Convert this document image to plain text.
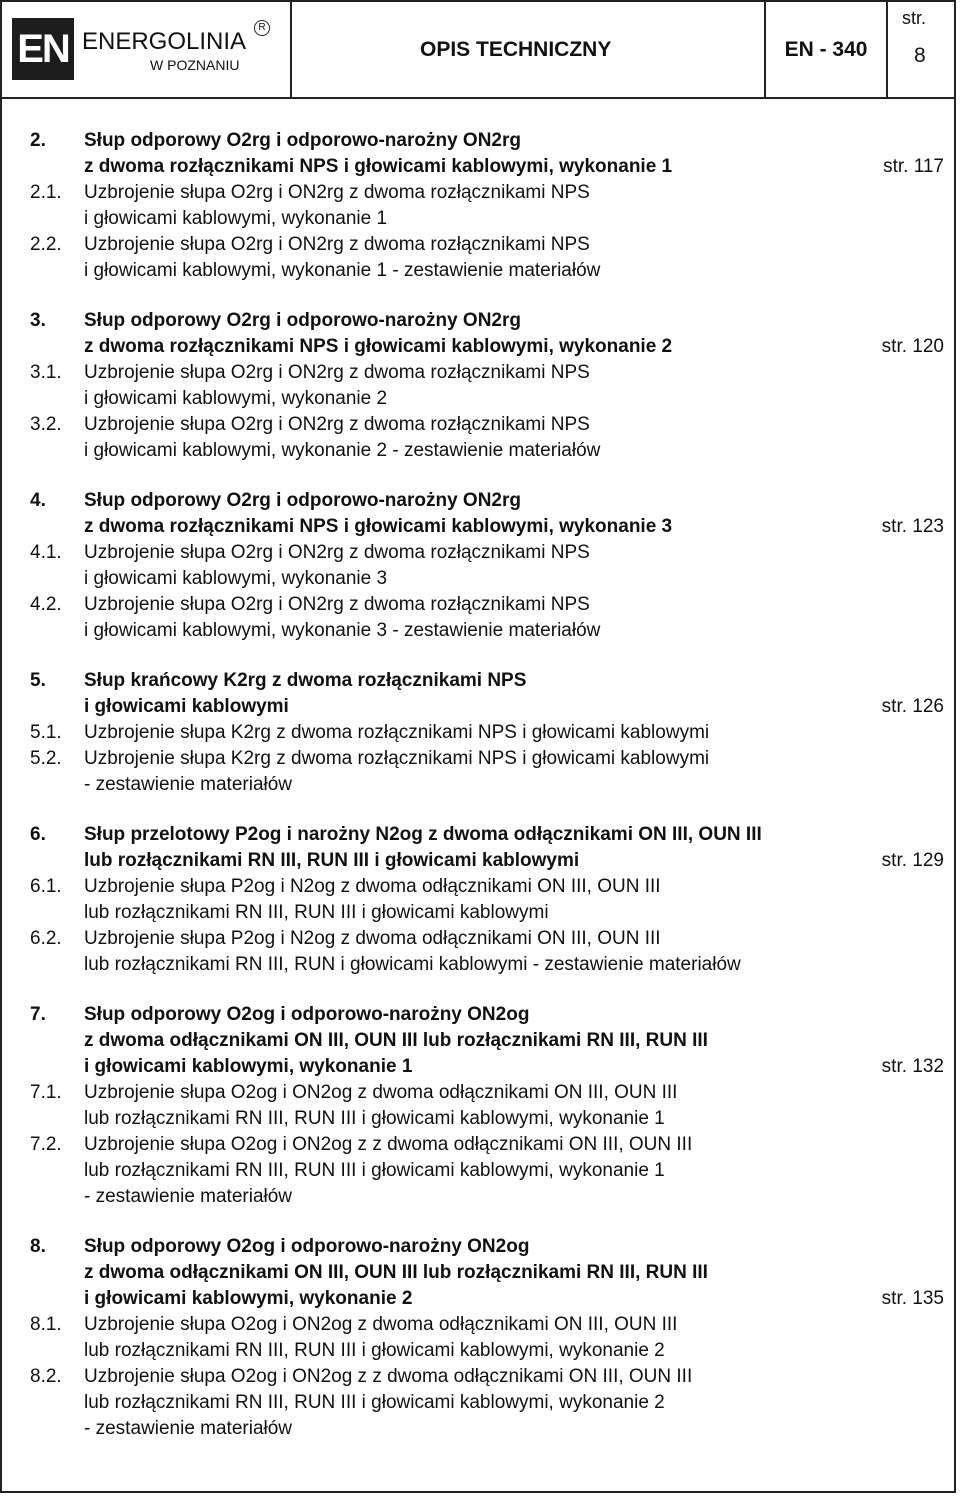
EN ENERGOLINIA
R
W POZNANIU
OPIS TECHNICZNY	EN - 340
str.
8
2. Słup odporowy O2rg i odporowo-narożny ON2rg
z dwoma rozłącznikami NPS i głowicami kablowymi, wykonanie 1	str. 117
2.1. Uzbrojenie słupa O2rg i ON2rg z dwoma rozłącznikami NPS
i głowicami kablowymi, wykonanie 1
2.2. Uzbrojenie słupa O2rg i ON2rg z dwoma rozłącznikami NPS
i głowicami kablowymi, wykonanie 1 - zestawienie materiałów
3. Słup odporowy O2rg i odporowo-narożny ON2rg
z dwoma rozłącznikami NPS i głowicami kablowymi, wykonanie 2	str. 120
3.1. Uzbrojenie słupa O2rg i ON2rg z dwoma rozłącznikami NPS
i głowicami kablowymi, wykonanie 2
3.2. Uzbrojenie słupa O2rg i ON2rg z dwoma rozłącznikami NPS
i głowicami kablowymi, wykonanie 2 - zestawienie materiałów
4. Słup odporowy O2rg i odporowo-narożny ON2rg
z dwoma rozłącznikami NPS i głowicami kablowymi, wykonanie 3	str. 123
4.1. Uzbrojenie słupa O2rg i ON2rg z dwoma rozłącznikami NPS
i głowicami kablowymi, wykonanie 3
4.2. Uzbrojenie słupa O2rg i ON2rg z dwoma rozłącznikami NPS
i głowicami kablowymi, wykonanie 3 - zestawienie materiałów
5. Słup krańcowy K2rg z dwoma rozłącznikami NPS
i głowicami kablowymi	str. 126
5.1. Uzbrojenie słupa K2rg z dwoma rozłącznikami NPS i głowicami kablowymi
5.2. Uzbrojenie słupa K2rg z dwoma rozłącznikami NPS i głowicami kablowymi
- zestawienie materiałów
6. Słup przelotowy P2og i narożny N2og z dwoma odłącznikami ON III, OUN III
lub rozłącznikami RN III, RUN III i głowicami kablowymi	str. 129
6.1. Uzbrojenie słupa P2og i N2og z dwoma odłącznikami ON III, OUN III
lub rozłącznikami RN III, RUN III i głowicami kablowymi
6.2. Uzbrojenie słupa P2og i N2og z dwoma odłącznikami ON III, OUN III
lub rozłącznikami RN III, RUN i głowicami kablowymi - zestawienie materiałów
7. Słup odporowy O2og i odporowo-narożny ON2og
z dwoma odłącznikami ON III, OUN III lub rozłącznikami RN III, RUN III
i głowicami kablowymi, wykonanie 1	str. 132
7.1. Uzbrojenie słupa O2og i ON2og z dwoma odłącznikami ON III, OUN III
lub rozłącznikami RN III, RUN III i głowicami kablowymi, wykonanie 1
7.2. Uzbrojenie słupa O2og i ON2og z z dwoma odłącznikami ON III, OUN III
lub rozłącznikami RN III, RUN III i głowicami kablowymi, wykonanie 1
- zestawienie materiałów
8. Słup odporowy O2og i odporowo-narożny ON2og
z dwoma odłącznikami ON III, OUN III lub rozłącznikami RN III, RUN III
i głowicami kablowymi, wykonanie 2	str. 135
8.1. Uzbrojenie słupa O2og i ON2og z dwoma odłącznikami ON III, OUN III
lub rozłącznikami RN III, RUN III i głowicami kablowymi, wykonanie 2
8.2. Uzbrojenie słupa O2og i ON2og z z dwoma odłącznikami ON III, OUN III
lub rozłącznikami RN III, RUN III i głowicami kablowymi, wykonanie 2
- zestawienie materiałów
